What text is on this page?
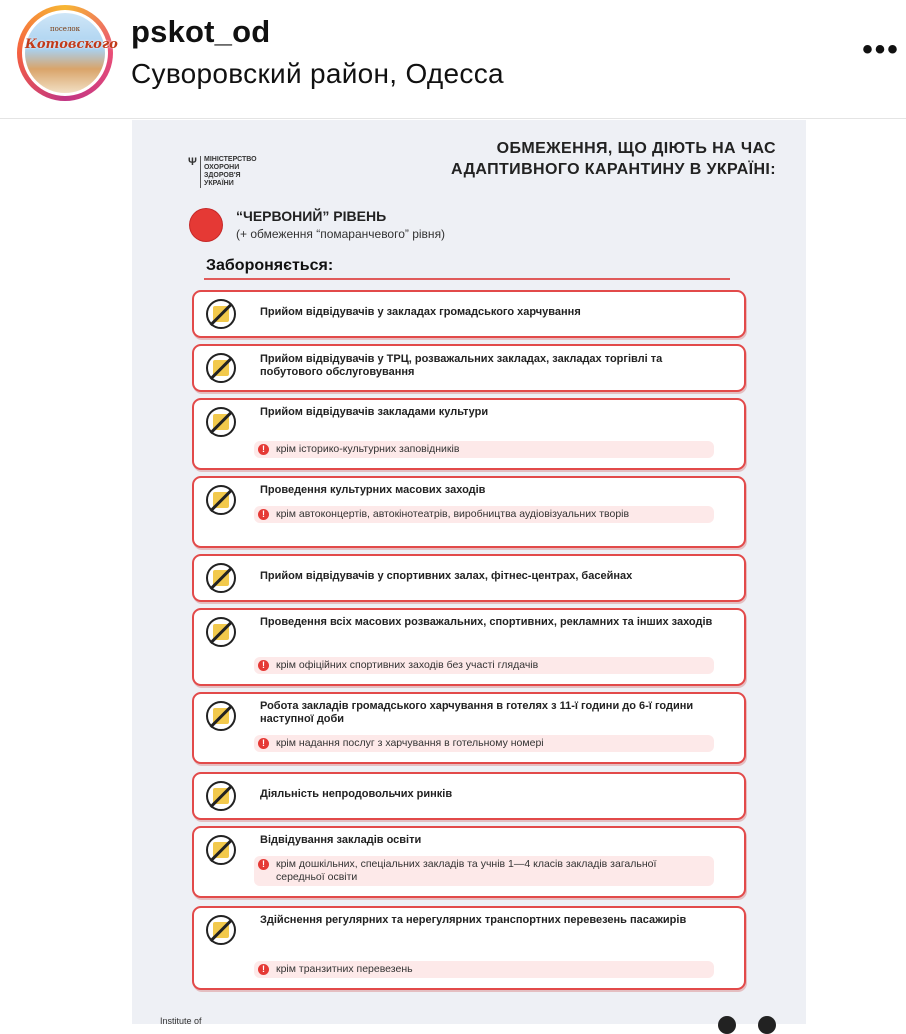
поселок
Котовского pskot_od
Суворовский район, Одесса
•••
Ψ	МІНІСТЕРСТВО ОХОРОНИ ЗДОРОВ'Я УКРАЇНИ
ОБМЕЖЕННЯ, ЩО ДІЮТЬ НА ЧАС
АДАПТИВНОГО КАРАНТИНУ В УКРАЇНІ:
“ЧЕРВОНИЙ” РІВЕНЬ
(+ обмеження “помаранчевого” рівня)
Забороняється:
Прийом відвідувачів у закладах громадського харчування
Прийом відвідувачів у ТРЦ, розважальних закладах, закладах торгівлі та побутового обслуговування
Прийом відвідувачів закладами культури
!	крім історико-культурних заповідників
Проведення культурних масових заходів
!	крім автоконцертів, автокінотеатрів, виробництва аудіовізуальних творів
Прийом відвідувачів у спортивних залах, фітнес-центрах, басейнах
Проведення всіх масових розважальних, спортивних, рекламних та інших заходів
!	крім офіційних спортивних заходів без участі глядачів
Робота закладів громадського харчування в готелях з 11-ї години до 6-ї години наступної доби
!	крім надання послуг з харчування в готельному номері
Діяльність непродовольчих ринків
Відвідування закладів освіти
!	крім дошкільних, спеціальних закладів та учнів 1—4 класів закладів загальної середньої освіти
Здійснення регулярних та нерегулярних транспортних перевезень пасажирів
!	крім транзитних перевезень
Institute of
